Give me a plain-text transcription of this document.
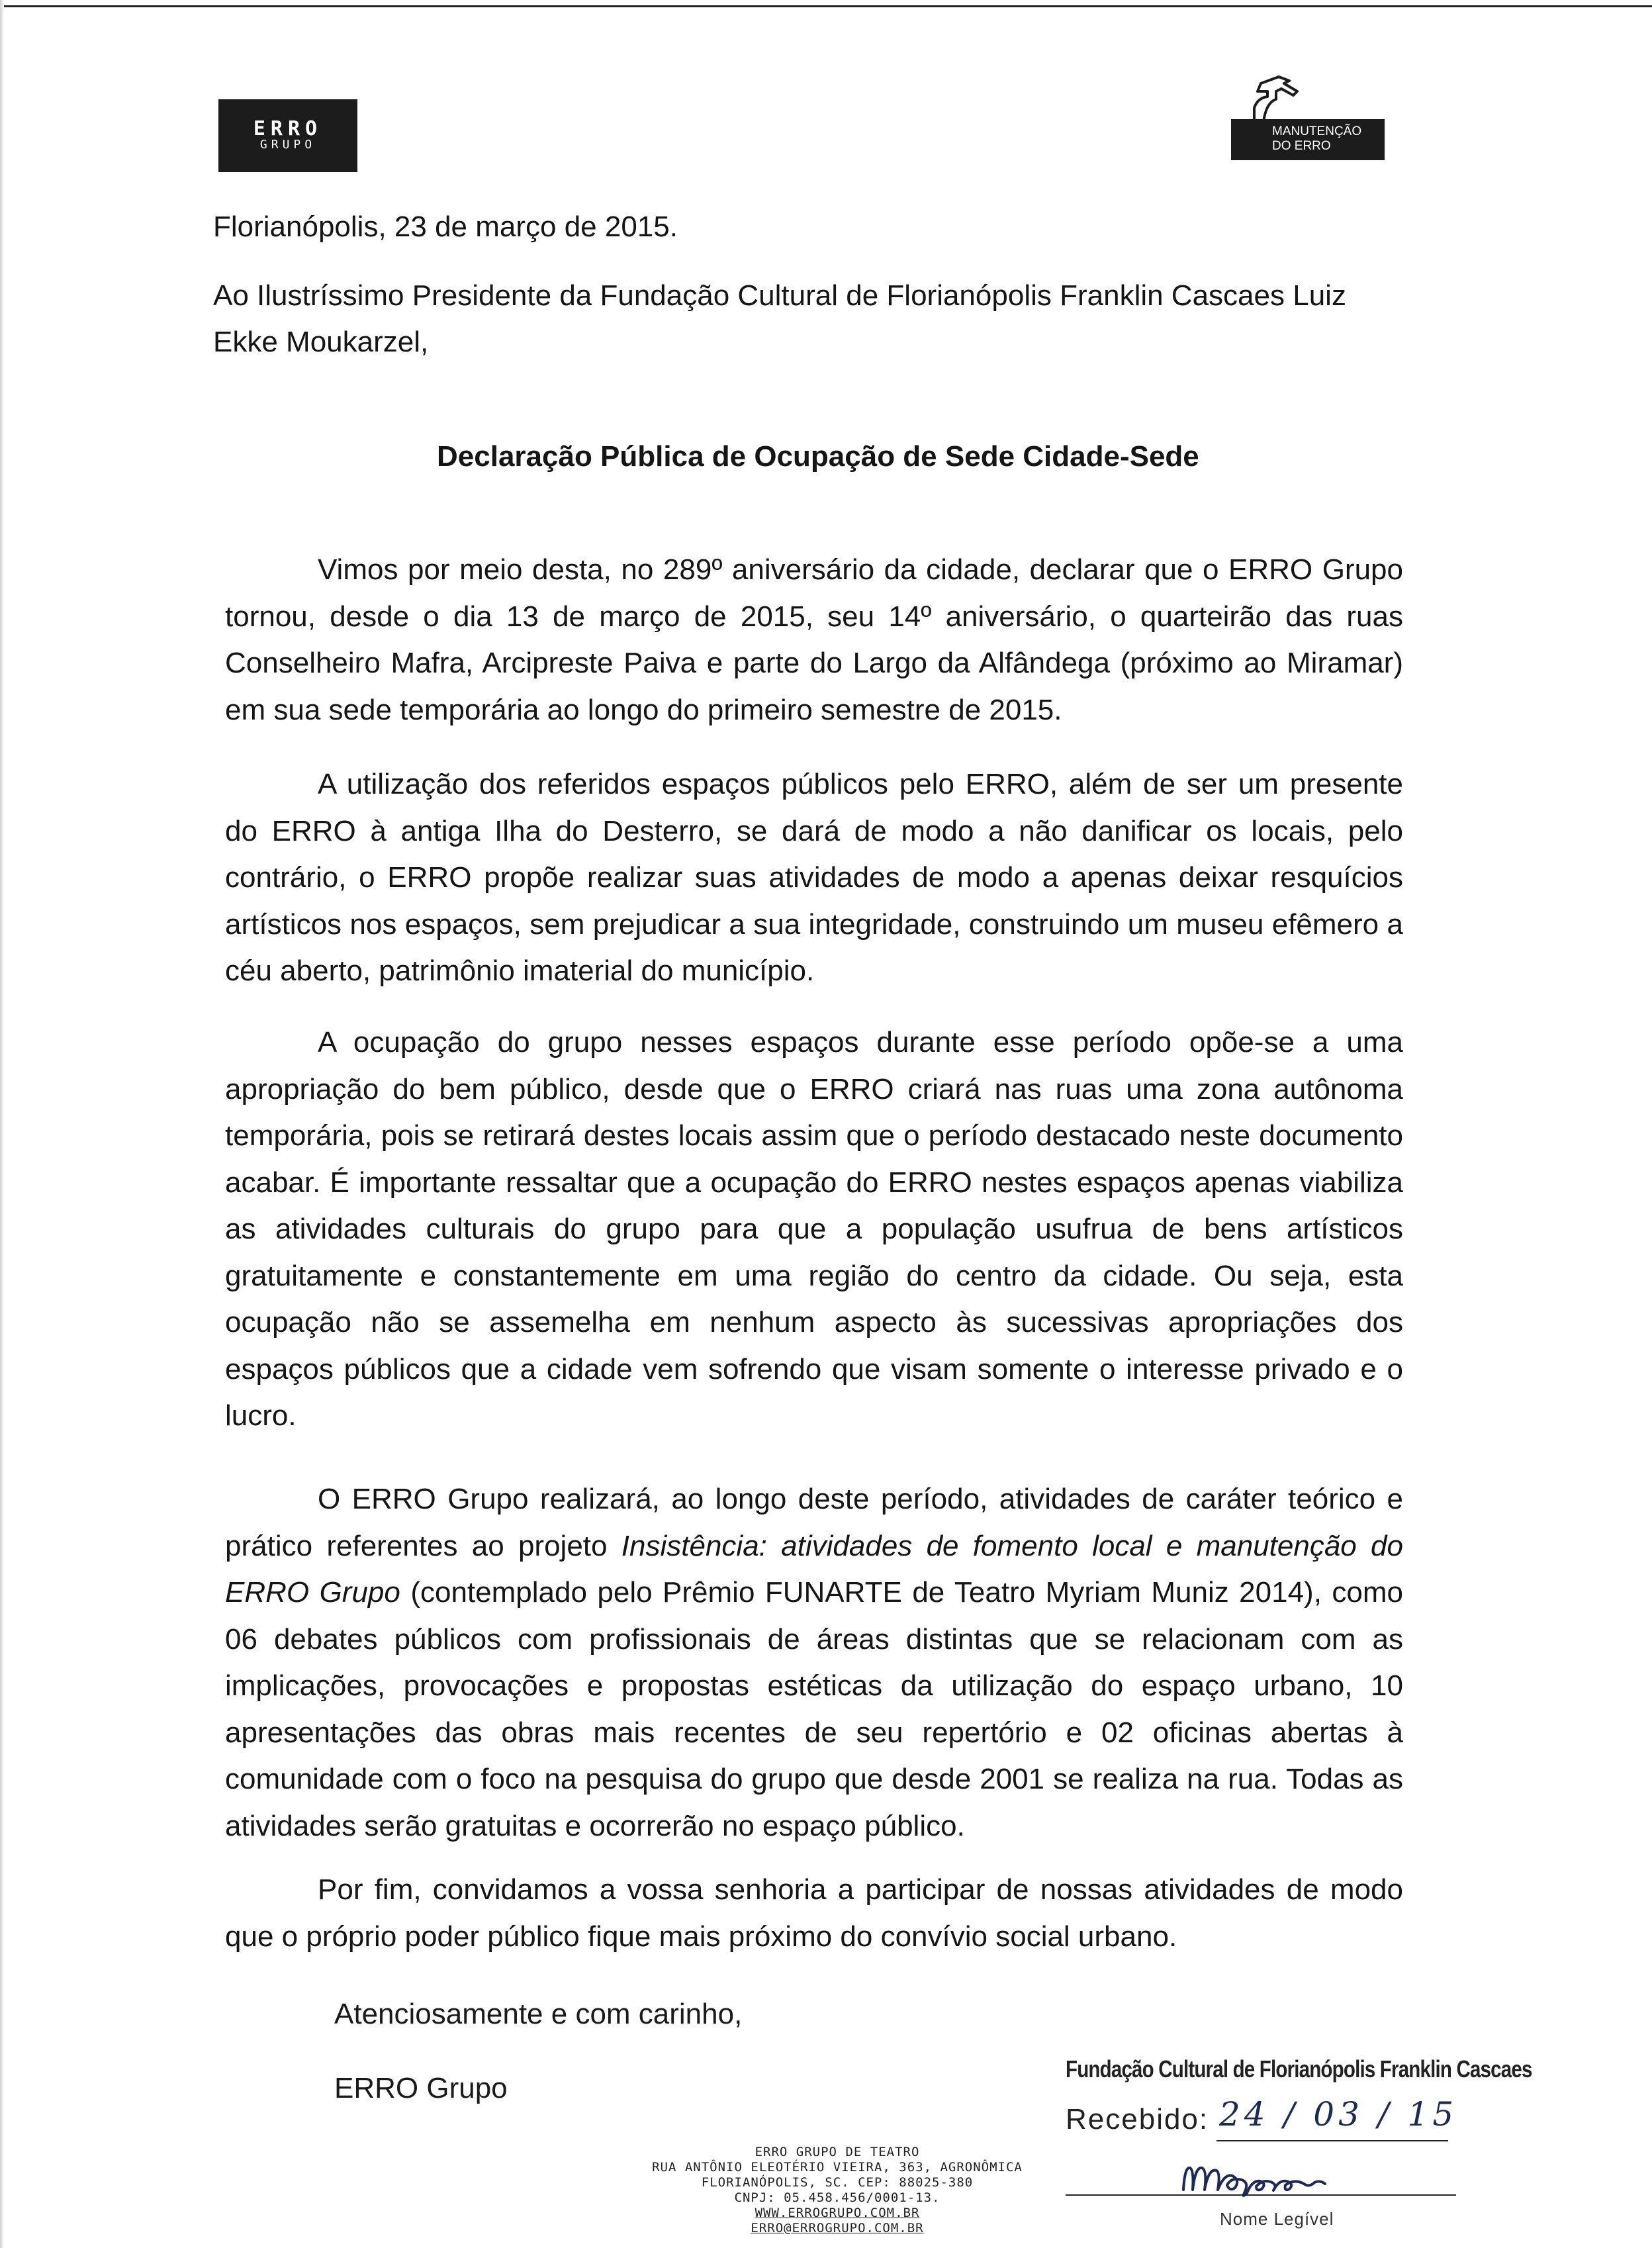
ERRO
GRUPO
MANUTENÇÃO
DO ERRO
Florianópolis, 23 de março de 2015.
Ao Ilustríssimo Presidente da Fundação Cultural de Florianópolis Franklin Cascaes Luiz Ekke Moukarzel,
Declaração Pública de Ocupação de Sede Cidade-Sede
Vimos por meio desta, no 289º aniversário da cidade, declarar que o ERRO Grupo tornou, desde o dia 13 de março de 2015, seu 14º aniversário, o quarteirão das ruas Conselheiro Mafra, Arcipreste Paiva e parte do Largo da Alfândega (próximo ao Miramar) em sua sede temporária ao longo do primeiro semestre de 2015.
A utilização dos referidos espaços públicos pelo ERRO, além de ser um presente do ERRO à antiga Ilha do Desterro, se dará de modo a não danificar os locais, pelo contrário, o ERRO propõe realizar suas atividades de modo a apenas deixar resquícios artísticos nos espaços, sem prejudicar a sua integridade, construindo um museu efêmero a céu aberto, patrimônio imaterial do município.
A ocupação do grupo nesses espaços durante esse período opõe-se a uma apropriação do bem público, desde que o ERRO criará nas ruas uma zona autônoma temporária, pois se retirará destes locais assim que o período destacado neste documento acabar. É importante ressaltar que a ocupação do ERRO nestes espaços apenas viabiliza as atividades culturais do grupo para que a população usufrua de bens artísticos gratuitamente e constantemente em uma região do centro da cidade. Ou seja, esta ocupação não se assemelha em nenhum aspecto às sucessivas apropriações dos espaços públicos que a cidade vem sofrendo que visam somente o interesse privado e o lucro.
O ERRO Grupo realizará, ao longo deste período, atividades de caráter teórico e prático referentes ao projeto Insistência: atividades de fomento local e manutenção do ERRO Grupo (contemplado pelo Prêmio FUNARTE de Teatro Myriam Muniz 2014), como 06 debates públicos com profissionais de áreas distintas que se relacionam com as implicações, provocações e propostas estéticas da utilização do espaço urbano, 10 apresentações das obras mais recentes de seu repertório e 02 oficinas abertas à comunidade com o foco na pesquisa do grupo que desde 2001 se realiza na rua. Todas as atividades serão gratuitas e ocorrerão no espaço público.
Por fim, convidamos a vossa senhoria a participar de nossas atividades de modo que o próprio poder público fique mais próximo do convívio social urbano.
Atenciosamente e com carinho,
ERRO Grupo
ERRO GRUPO DE TEATRO
RUA ANTÔNIO ELEOTÉRIO VIEIRA, 363, AGRONÔMICA
FLORIANÓPOLIS, SC. CEP: 88025-380
CNPJ: 05.458.456/0001-13.
WWW.ERROGRUPO.COM.BR
ERRO@ERROGRUPO.COM.BR
Fundação Cultural de Florianópolis Franklin Cascaes
Recebido: 24 / 03 / 15
Nome Legível
